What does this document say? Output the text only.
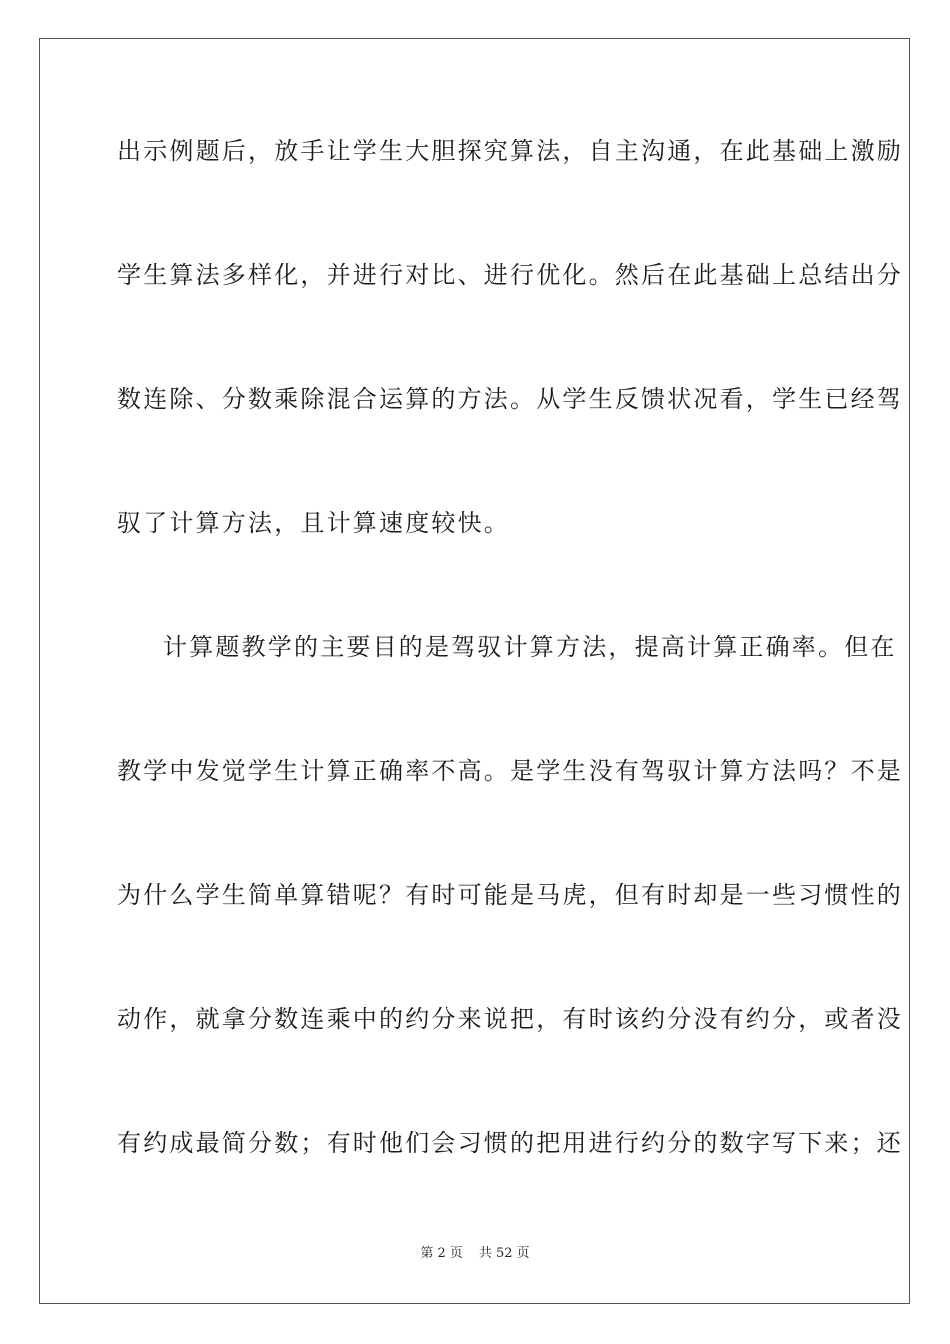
出示例题后，放手让学生大胆探究算法，自主沟通，在此基础上激励
学生算法多样化，并进行对比、进行优化。然后在此基础上总结出分
数连除、分数乘除混合运算的方法。从学生反馈状况看，学生已经驾
驭了计算方法，且计算速度较快。
计算题教学的主要目的是驾驭计算方法，提高计算正确率。但在
教学中发觉学生计算正确率不高。是学生没有驾驭计算方法吗？不是
为什么学生简单算错呢？有时可能是马虎，但有时却是一些习惯性的
动作，就拿分数连乘中的约分来说把，有时该约分没有约分，或者没
有约成最简分数；有时他们会习惯的把用进行约分的数字写下来；还
第 2 页 共 52 页
